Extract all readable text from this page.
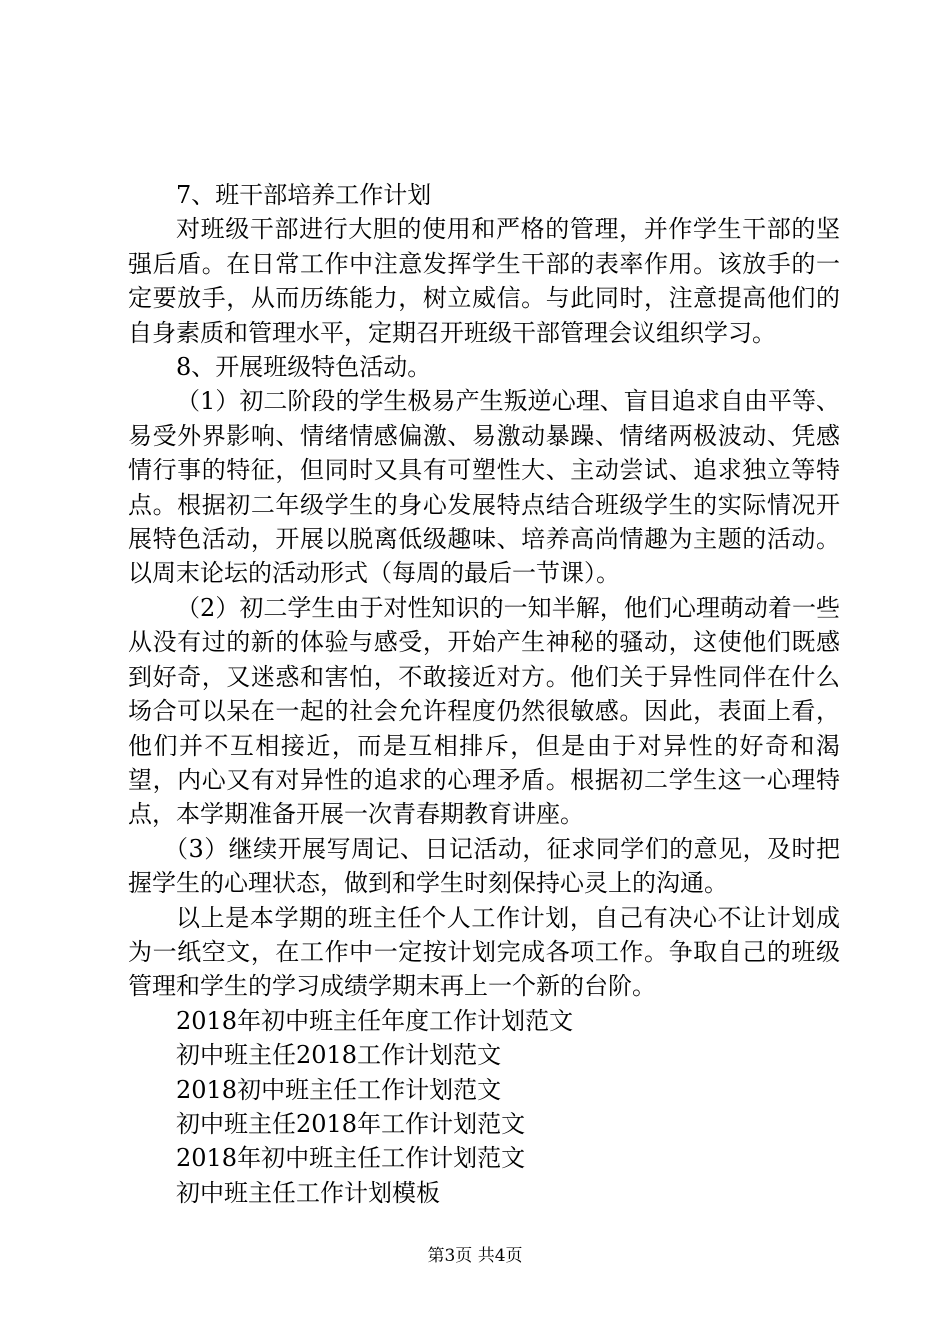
7、班干部培养工作计划

对班级干部进行大胆的使用和严格的管理，并作学生干部的坚强后盾。在日常工作中注意发挥学生干部的表率作用。该放手的一定要放手，从而历练能力，树立威信。与此同时，注意提高他们的自身素质和管理水平，定期召开班级干部管理会议组织学习。

8、开展班级特色活动。

（1）初二阶段的学生极易产生叛逆心理、盲目追求自由平等、易受外界影响、情绪情感偏激、易激动暴躁、情绪两极波动、凭感情行事的特征，但同时又具有可塑性大、主动尝试、追求独立等特点。根据初二年级学生的身心发展特点结合班级学生的实际情况开展特色活动，开展以脱离低级趣味、培养高尚情趣为主题的活动。以周末论坛的活动形式（每周的最后一节课）。

（2）初二学生由于对性知识的一知半解，他们心理萌动着一些从没有过的新的体验与感受，开始产生神秘的骚动，这使他们既感到好奇，又迷惑和害怕，不敢接近对方。他们关于异性同伴在什么场合可以呆在一起的社会允许程度仍然很敏感。因此，表面上看，他们并不互相接近，而是互相排斥，但是由于对异性的好奇和渴望，内心又有对异性的追求的心理矛盾。根据初二学生这一心理特点，本学期准备开展一次青春期教育讲座。

（3）继续开展写周记、日记活动，征求同学们的意见，及时把握学生的心理状态，做到和学生时刻保持心灵上的沟通。

以上是本学期的班主任个人工作计划，自己有决心不让计划成为一纸空文，在工作中一定按计划完成各项工作。争取自己的班级管理和学生的学习成绩学期末再上一个新的台阶。

2018年初中班主任年度工作计划范文
初中班主任2018工作计划范文
2018初中班主任工作计划范文
初中班主任2018年工作计划范文
2018年初中班主任工作计划范文
初中班主任工作计划模板
第3页 共4页
